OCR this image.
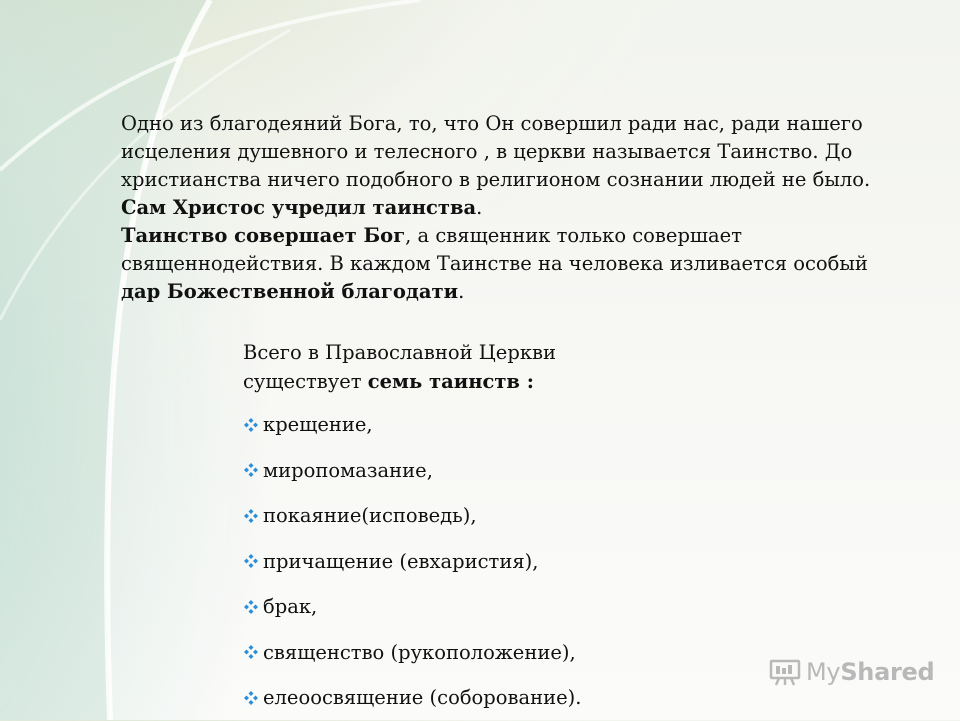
Одно из благодеяний Бога, то, что Он совершил ради нас, ради нашего

исцеления душевного и телесного , в церкви называется Таинство. До

христианства ничего подобного в религионом сознании людей не было.

Сам Христос учредил таинства.

Таинство совершает Бог, а священник только совершает

священнодействия. В каждом Таинстве на человека изливается особый

дар Божественной благодати.

Всего в Православной Церкви

существует семь таинств :

крещение,
миропомазание,
покаяние(исповедь),
причащение (евхаристия),
брак,
священство (рукоположение),
елеоосвящение (соборование).
My Shared
